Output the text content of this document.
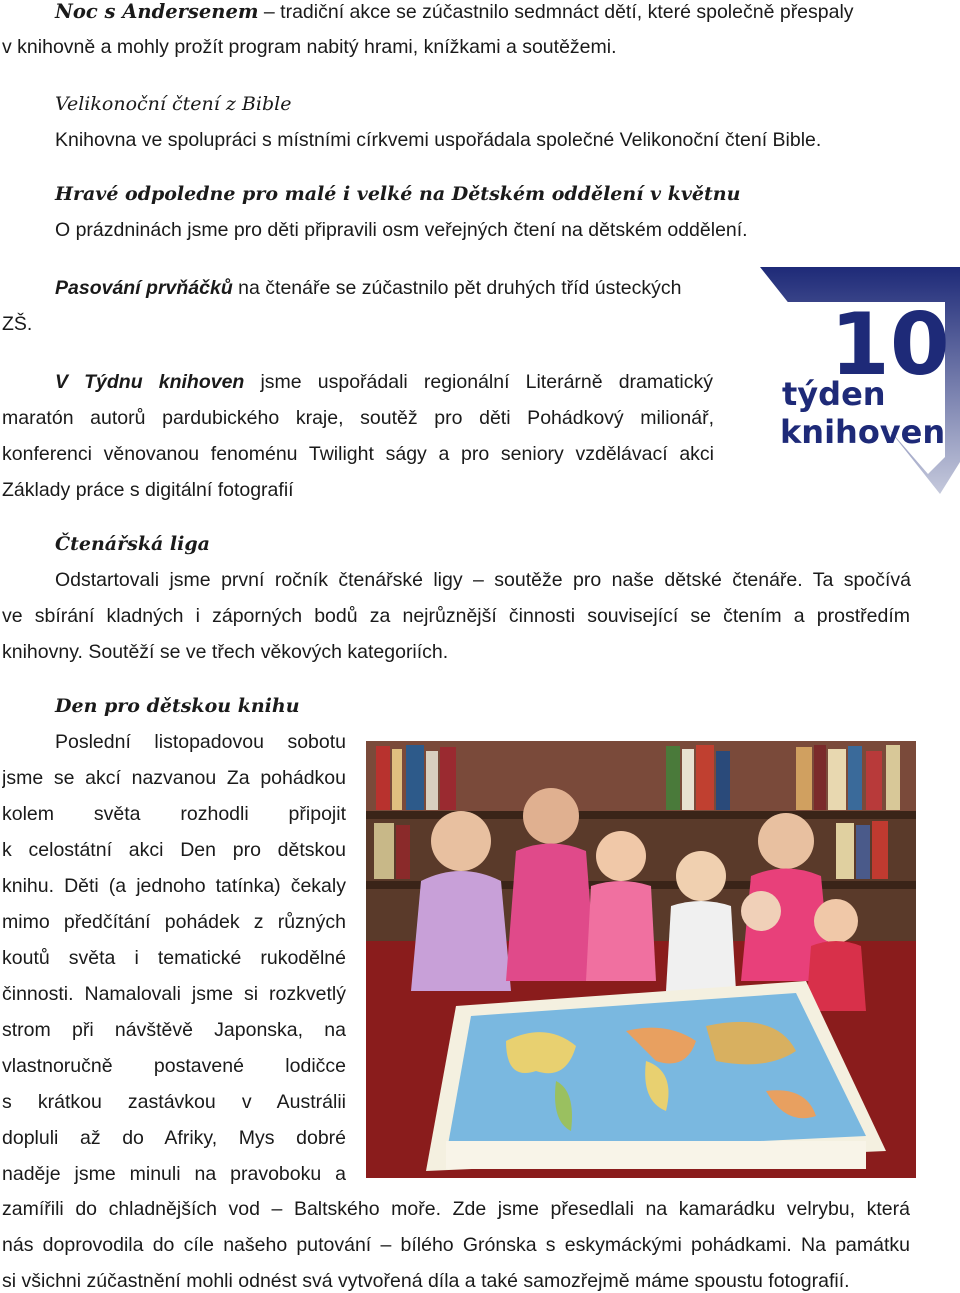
Noc s Andersenem – tradiční akce se zúčastnilo sedmnáct dětí, které společně přespaly
v knihovně a mohly prožít program nabitý hrami, knížkami a soutěžemi.
Velikonoční čtení z Bible
Knihovna ve spolupráci s místními církvemi uspořádala společné Velikonoční čtení Bible.
Hravé odpoledne pro malé i velké na Dětském oddělení v květnu
O prázdninách jsme pro děti připravili osm veřejných čtení na dětském oddělení.
Pasování prvňáčků na čtenáře se zúčastnilo pět druhých tříd ústeckých
ZŠ.
V Týdnu knihoven jsme uspořádali regionální Literárně dramatický
maratón autorů pardubického kraje, soutěž pro děti Pohádkový milionář,
konferenci věnovanou fenoménu Twilight ságy a pro seniory vzdělávací akci
Základy práce s digitální fotografií
10
týden
knihoven
Čtenářská liga
Odstartovali jsme první ročník čtenářské ligy – soutěže pro naše dětské čtenáře. Ta spočívá
ve sbírání kladných i záporných bodů za nejrůznější činnosti související se čtením a prostředím
knihovny. Soutěží se ve třech věkových kategoriích.
Den pro dětskou knihu
Poslední listopadovou sobotu
jsme se akcí nazvanou Za pohádkou
kolem světa rozhodli připojit
k celostátní akci Den pro dětskou
knihu. Děti (a jednoho tatínka) čekaly
mimo předčítání pohádek z různých
koutů světa i tematické rukodělné
činnosti. Namalovali jsme si rozkvetlý
strom při návštěvě Japonska, na
vlastnoručně postavené lodičce
s krátkou zastávkou v Austrálii
dopluli až do Afriky, Mys dobré
naděje jsme minuli na pravoboku a
zamířili do chladnějších vod – Baltského moře. Zde jsme přesedlali na kamarádku velrybu, která
nás doprovodila do cíle našeho putování – bílého Grónska s eskymáckými pohádkami. Na památku
si všichni zúčastnění mohli odnést svá vytvořená díla a také samozřejmě máme spoustu fotografií.
